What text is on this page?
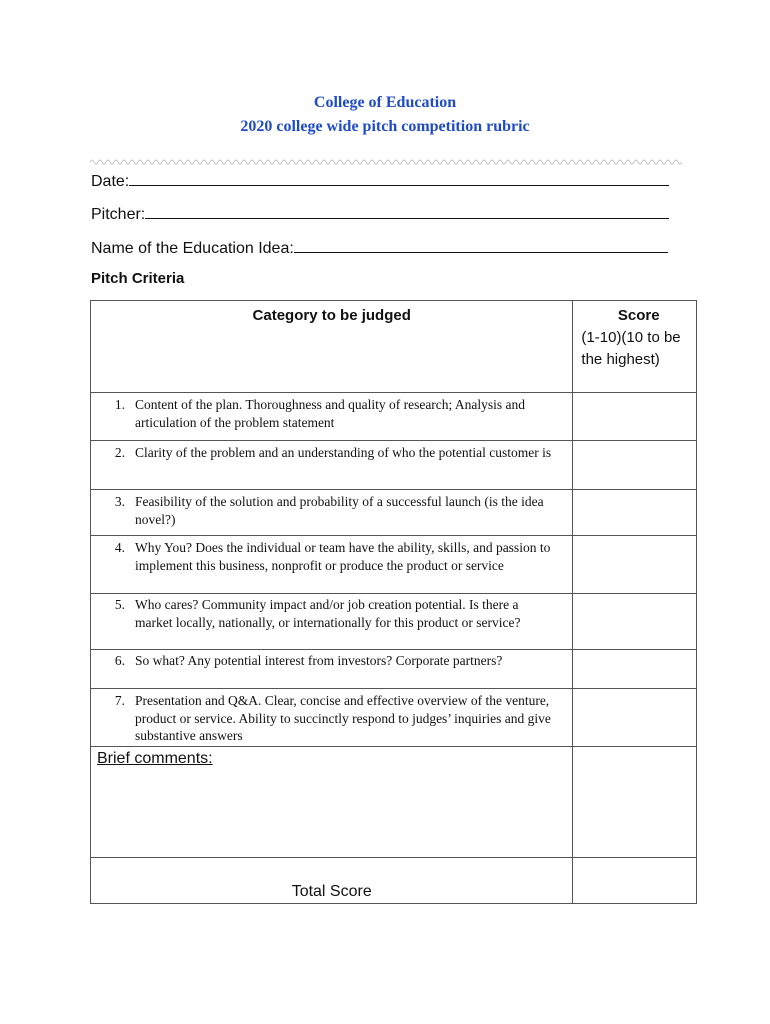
College of Education
2020 college wide pitch competition rubric
Date:
Pitcher:
Name of the Education Idea:
Pitch Criteria
Category to be judged	Score
(1-10)(10 to be the highest)
1. Content of the plan. Thoroughness and quality of research; Analysis and articulation of the problem statement	
2. Clarity of the problem and an understanding of who the potential customer is	
3. Feasibility of the solution and probability of a successful launch (is the idea novel?)	
4. Why You? Does the individual or team have the ability, skills, and passion to implement this business, nonprofit or produce the product or service	
5. Who cares? Community impact and/or job creation potential. Is there a market locally, nationally, or internationally for this product or service?	
6. So what? Any potential interest from investors? Corporate partners?	
7. Presentation and Q&A. Clear, concise and effective overview of the venture, product or service. Ability to succinctly respond to judges’ inquiries and give substantive answers	
Brief comments:	
Total Score	
